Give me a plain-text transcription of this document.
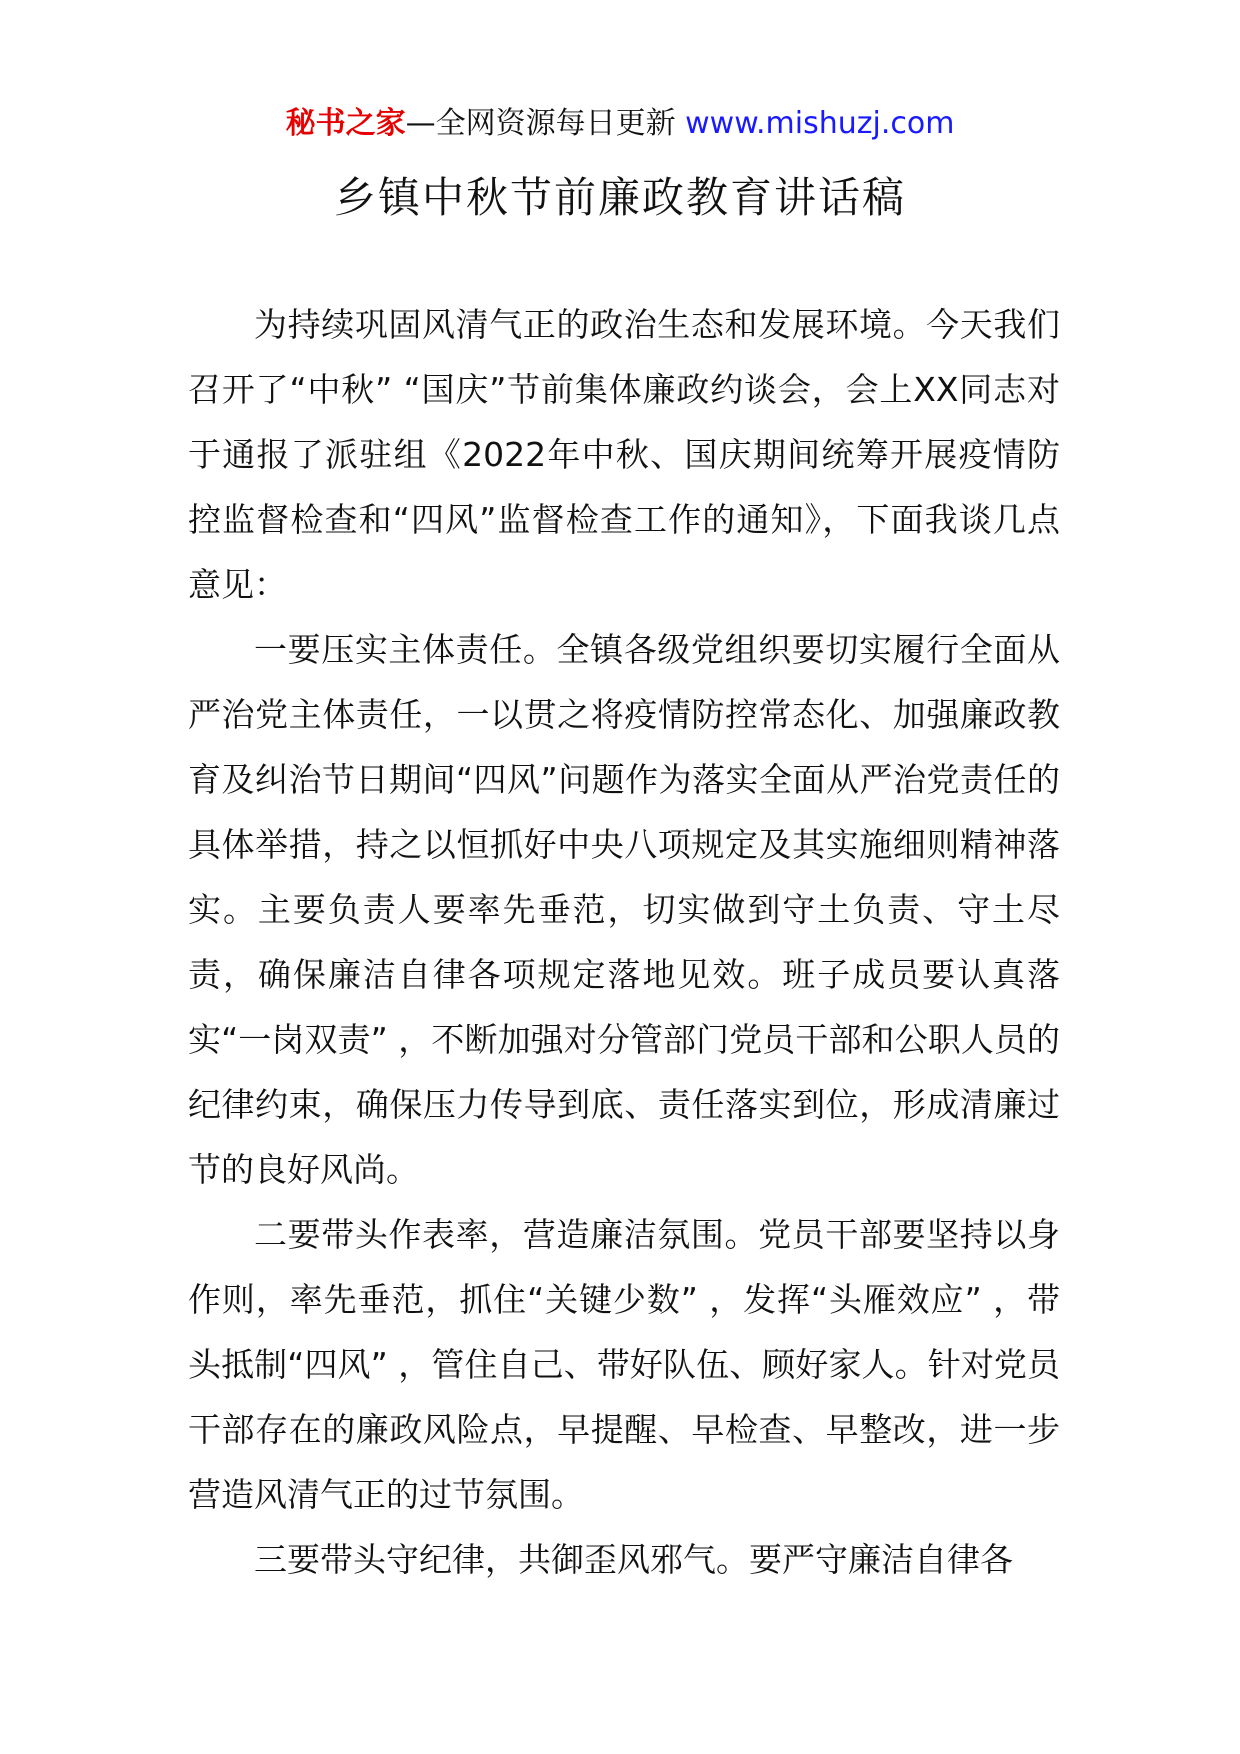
秘书之家—全网资源每日更新 www.mishuzj.com
乡镇中秋节前廉政教育讲话稿

为持续巩固风清气正的政治生态和发展环境。今天我们召开了“中秋” “国庆”节前集体廉政约谈会，会上XX同志对于通报了派驻组《2022年中秋、国庆期间统筹开展疫情防控监督检查和“四风”监督检查工作的通知》，下面我谈几点意见：

一要压实主体责任。全镇各级党组织要切实履行全面从严治党主体责任，一以贯之将疫情防控常态化、加强廉政教育及纠治节日期间“四风”问题作为落实全面从严治党责任的具体举措，持之以恒抓好中央八项规定及其实施细则精神落实。主要负责人要率先垂范，切实做到守土负责、守土尽责，确保廉洁自律各项规定落地见效。班子成员要认真落实“一岗双责” ，不断加强对分管部门党员干部和公职人员的纪律约束，确保压力传导到底、责任落实到位，形成清廉过节的良好风尚。

二要带头作表率，营造廉洁氛围。党员干部要坚持以身作则，率先垂范，抓住“关键少数” ，发挥“头雁效应” ，带头抵制“四风” ，管住自己、带好队伍、顾好家人。针对党员干部存在的廉政风险点，早提醒、早检查、早整改，进一步营造风清气正的过节氛围。

三要带头守纪律，共御歪风邪气。要严守廉洁自律各
